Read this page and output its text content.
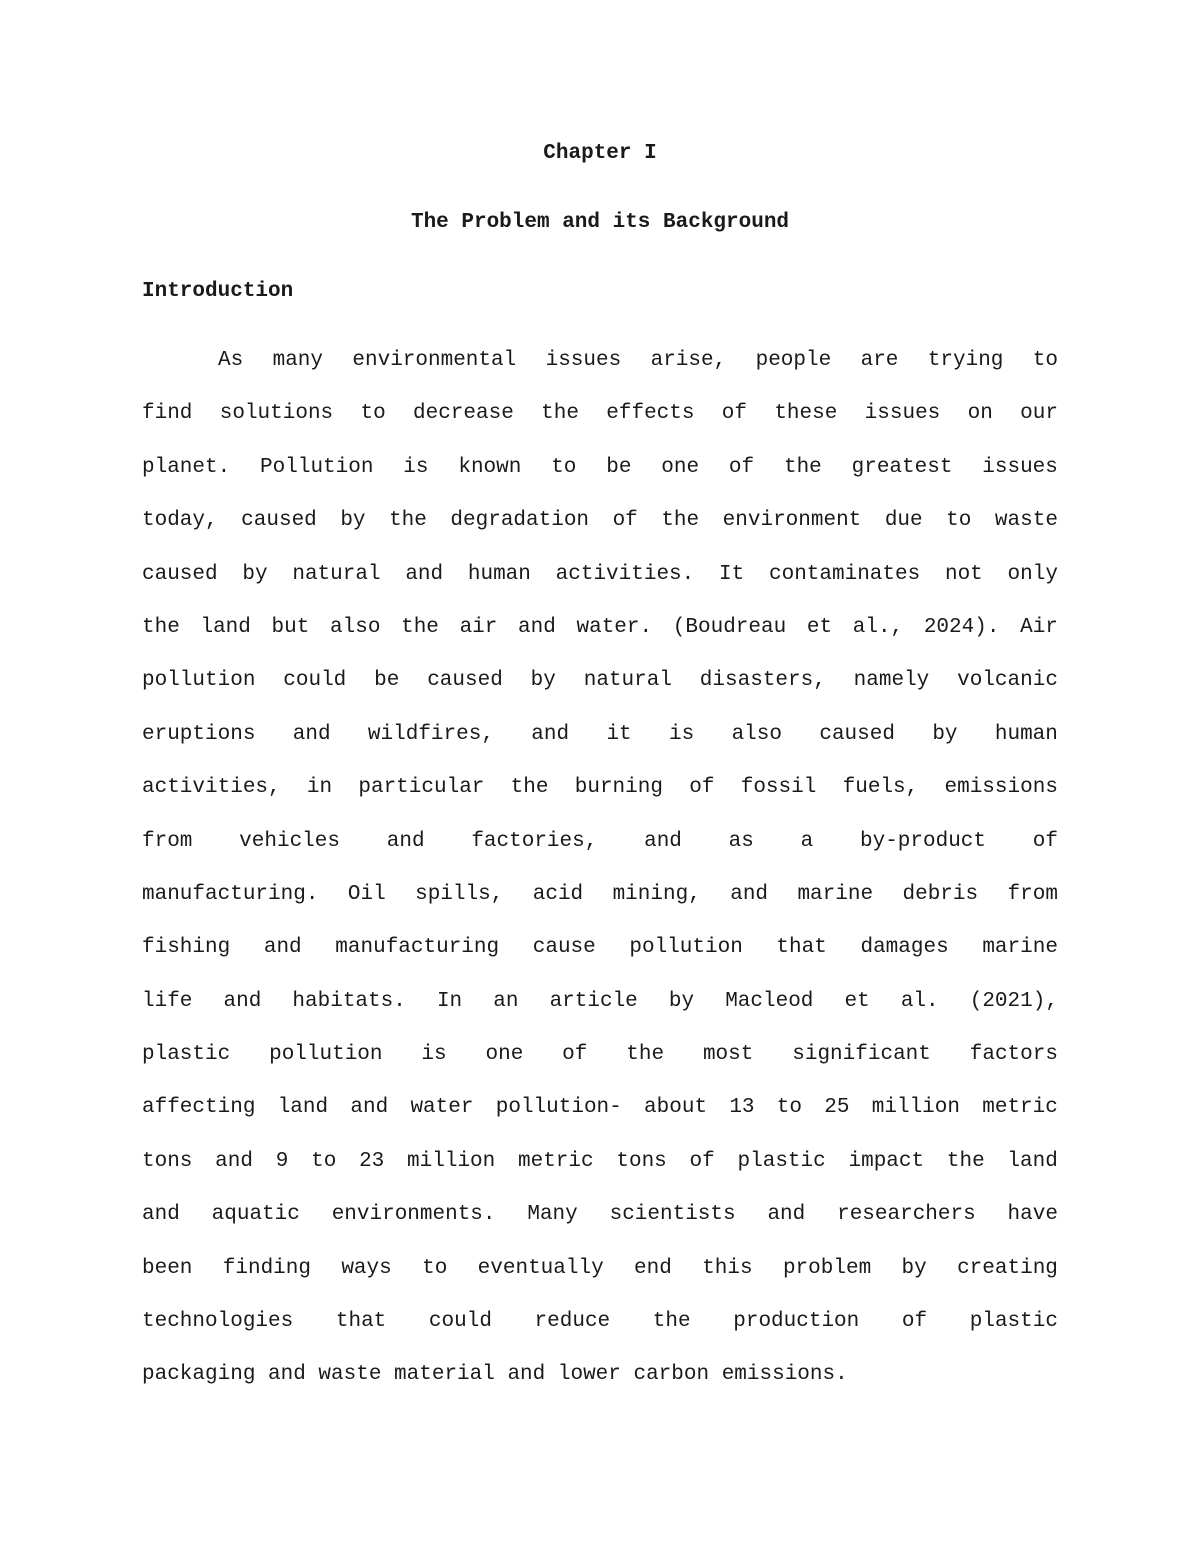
Chapter I
The Problem and its Background
Introduction
As many environmental issues arise, people are trying to
find solutions to decrease the effects of these issues on our
planet. Pollution is known to be one of the greatest issues
today, caused by the degradation of the environment due to waste
caused by natural and human activities. It contaminates not only
the land but also the air and water. (Boudreau et al., 2024). Air
pollution could be caused by natural disasters, namely volcanic
eruptions and wildfires, and it is also caused by human
activities, in particular the burning of fossil fuels, emissions
from vehicles and factories, and as a by-product of
manufacturing. Oil spills, acid mining, and marine debris from
fishing and manufacturing cause pollution that damages marine
life and habitats. In an article by Macleod et al. (2021),
plastic pollution is one of the most significant factors
affecting land and water pollution- about 13 to 25 million metric
tons and 9 to 23 million metric tons of plastic impact the land
and aquatic environments. Many scientists and researchers have
been finding ways to eventually end this problem by creating
technologies that could reduce the production of plastic
packaging and waste material and lower carbon emissions.
